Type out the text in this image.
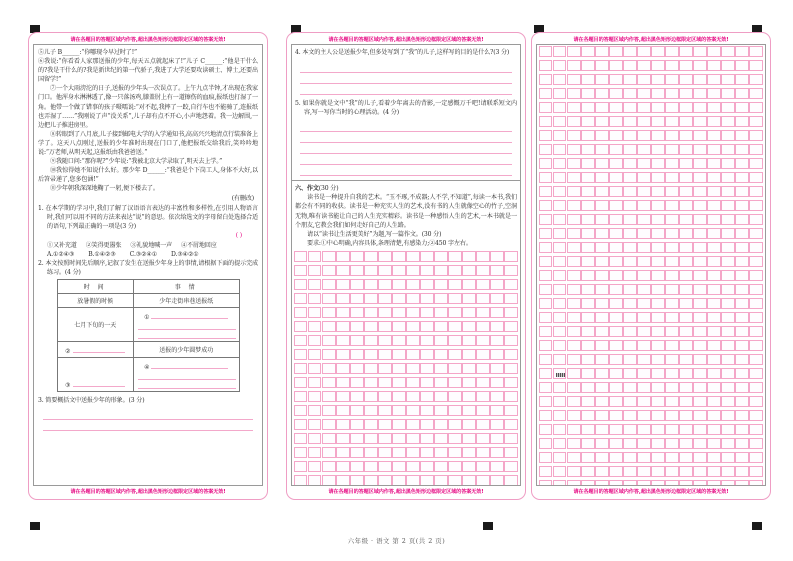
请在各题目的答题区域内作答,超出黑色矩形边框限定区域的答案无效!
⑤儿子 B______:“你哪现今早过时了!”
⑥我说:“你看看人家那送报的少年,每天五点就起床了!”儿子 C______:“他是干什么的?我是干什么的?我是新世纪的第一代骄子,我进了大学还要攻读硕士、博士,还要出国留学!”
⑦一个大雨滂沱的日子,送报的少年头一次误点了。上午九点半钟,才出现在我家门口。他浑身水淋淋透了,像一只落汤鸡,膝盖肘上有一道擦伤的血痕,报纸也打湿了一角。他带一个做了错事的孩子嗫嚅说:“对不起,我摔了一跤,自行车也不能骑了,连报纸也弄湿了……”我刚说了声“没关系”,儿子却有点不开心,小声地怨着。我一边解围,一边把儿子推进房里。
⑧转眼到了八月底,儿子接到邮电大学的入学通知书,高高兴兴地清点行装准备上学了。这天八点刚过,送报的少年准时出现在门口了,他把报纸交给我后,笑吟吟地说:“万老师,从明天起,这报纸由我爸爸送。”
⑨我随口问:“那你呢?”少年说:“我被北京大学录取了,明天去上学。”
⑩我惊得她不知说什么好。那少年 D______:“我爸是个下岗工人,身体不大好,以后笤帚递了,您多包涵!”
⑪少年朝我深深地鞠了一躬,便下楼去了。
(有删改)
1. 在本学期的学习中,我们了解了汉语语言表达的丰富性和多样性,在引用人物语言时,我们可以用不同的方法来表达“说”的意思。依次给选文的字母留白处选择合适的语句,下列最正确的一项是(3 分)
( )
①又补充道 ②笑得更嚣张 ③礼貌地喊一声 ④不屑地回应
A.①②④③ B.①④②③ C.③②④① D.③④②①
2. 本文按照时间先后顺序,记叙了发生在送报少年身上的事情,请根据下面的提示完成练习。(4 分)
时 间	事 情
放暑假的时候	少年走街串巷送报纸
七月下旬的一天	①

②	送报的少年圆梦成功
③	④
3. 简要概括文中送报少年的形象。(3 分)
请在各题目的答题区域内作答,超出黑色矩形边框限定区域的答案无效!
请在各题目的答题区域内作答,超出黑色矩形边框限定区域的答案无效!
4. 本文的主人公是送报少年,但多处写到了“我”的儿子,这样写的目的是什么?(3 分)
5. 如果你就是文中“我”的儿子,看着少年离去的背影,一定感慨万千吧!请联系短文内容,写一写你当时的心理活动。(4 分)
六、作文(30 分)
读书是一种提升自我的艺术。“玉不琢,不成器;人不学,不知道”,每读一本书,我们都会有不同的收获。读书是一种充实人生的艺术,没有书的人生就像空心的竹子,空洞无物,唯有读书能让自己的人生充实精彩。读书是一种感悟人生的艺术,一本书就是一个朋友,它教会我们如何走好自己的人生路。
请以“读书让生活更美好”为题,写一篇作文。(30 分)
要求:①中心明确,内容具体,条理清楚,有感染力;②450 字左右。
请在各题目的答题区域内作答,超出黑色矩形边框限定区域的答案无效!
请在各题目的答题区域内作答,超出黑色矩形边框限定区域的答案无效!
请在各题目的答题区域内作答,超出黑色矩形边框限定区域的答案无效!
六年级 · 语文 第 2 页(共 2 页)
